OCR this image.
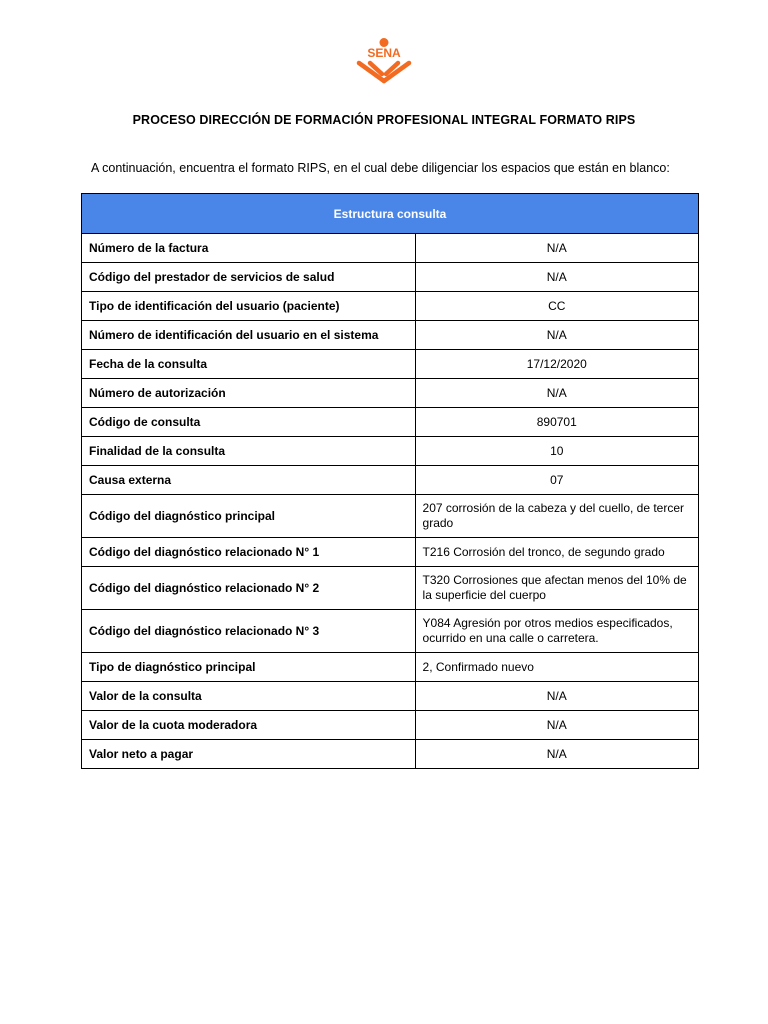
SENA
PROCESO DIRECCIÓN DE FORMACIÓN PROFESIONAL INTEGRAL FORMATO RIPS
A continuación, encuentra el formato RIPS, en el cual debe diligenciar los espacios que están en blanco:
Estructura consulta	
Número de la factura	N/A
Código del prestador de servicios de salud	N/A
Tipo de identificación del usuario (paciente)	CC
Número de identificación del usuario en el sistema	N/A
Fecha de la consulta	17/12/2020
Número de autorización	N/A
Código de consulta	890701
Finalidad de la consulta	10
Causa externa	07
Código del diagnóstico principal	207 corrosión de la cabeza y del cuello, de tercer grado
Código del diagnóstico relacionado N° 1	T216 Corrosión del tronco, de segundo grado
Código del diagnóstico relacionado N° 2	T320 Corrosiones que afectan menos del 10% de la superficie del cuerpo
Código del diagnóstico relacionado N° 3	Y084 Agresión por otros medios especificados, ocurrido en una calle o carretera.
Tipo de diagnóstico principal	2, Confirmado nuevo
Valor de la consulta	N/A
Valor de la cuota moderadora	N/A
Valor neto a pagar	N/A
